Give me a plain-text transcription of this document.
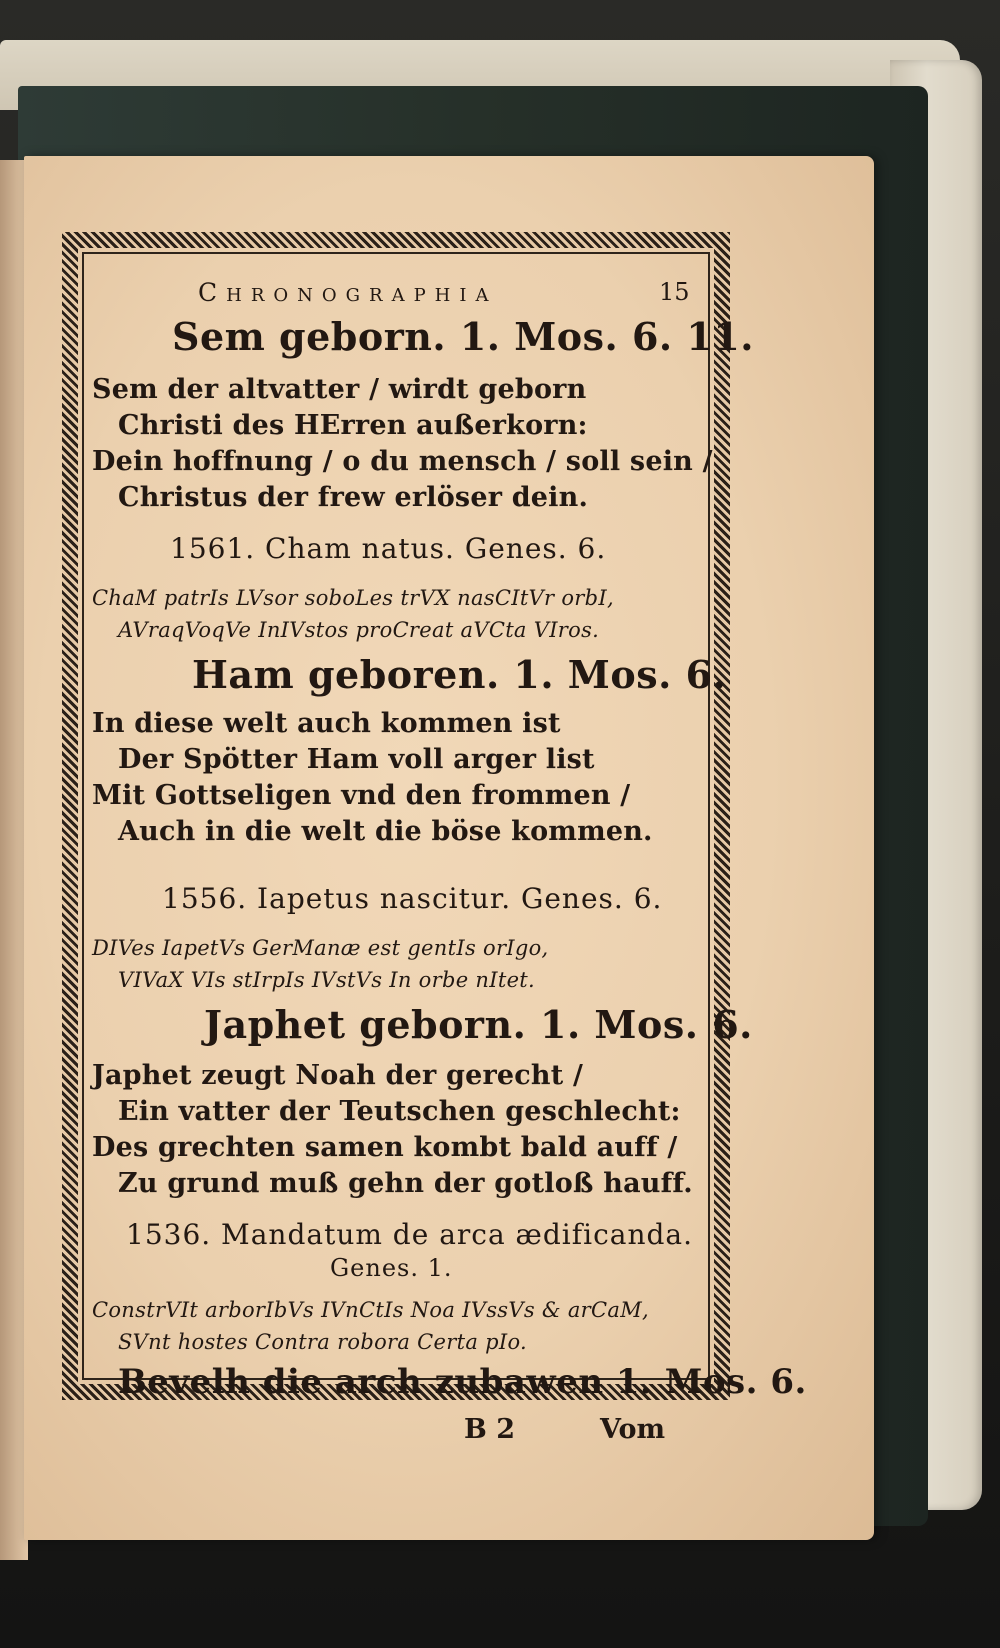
Chronographia	15
Sem geborn. 1. Mos. 6. 11.
Sem der altvatter / wirdt geborn
Christi des HErren außerkorn:
Dein hoffnung / o du mensch / soll sein /
Christus der frew erlöser dein.
1561. Cham natus. Genes. 6.
ChaM patrIs LVsor soboLes trVX nasCItVr orbI,
AVraqVoqVe InIVstos proCreat aVCta VIros.
Ham geboren. 1. Mos. 6.
In diese welt auch kommen ist
Der Spötter Ham voll arger list
Mit Gottseligen vnd den frommen /
Auch in die welt die böse kommen.
1556. Iapetus nascitur. Genes. 6.
DIVes IapetVs GerManæ est gentIs orIgo,
VIVaX VIs stIrpIs IVstVs In orbe nItet.
Japhet geborn. 1. Mos. 6.
Japhet zeugt Noah der gerecht /
Ein vatter der Teutschen geschlecht:
Des grechten samen kombt bald auff /
Zu grund muß gehn der gotloß hauff.
1536. Mandatum de arca ædificanda.
Genes. 1.
ConstrVIt arborIbVs IVnCtIs Noa IVssVs & arCaM,
SVnt hostes Contra robora Certa pIo.
Bevelh die arch zubawen 1. Mos. 6.
B 2	Vom
